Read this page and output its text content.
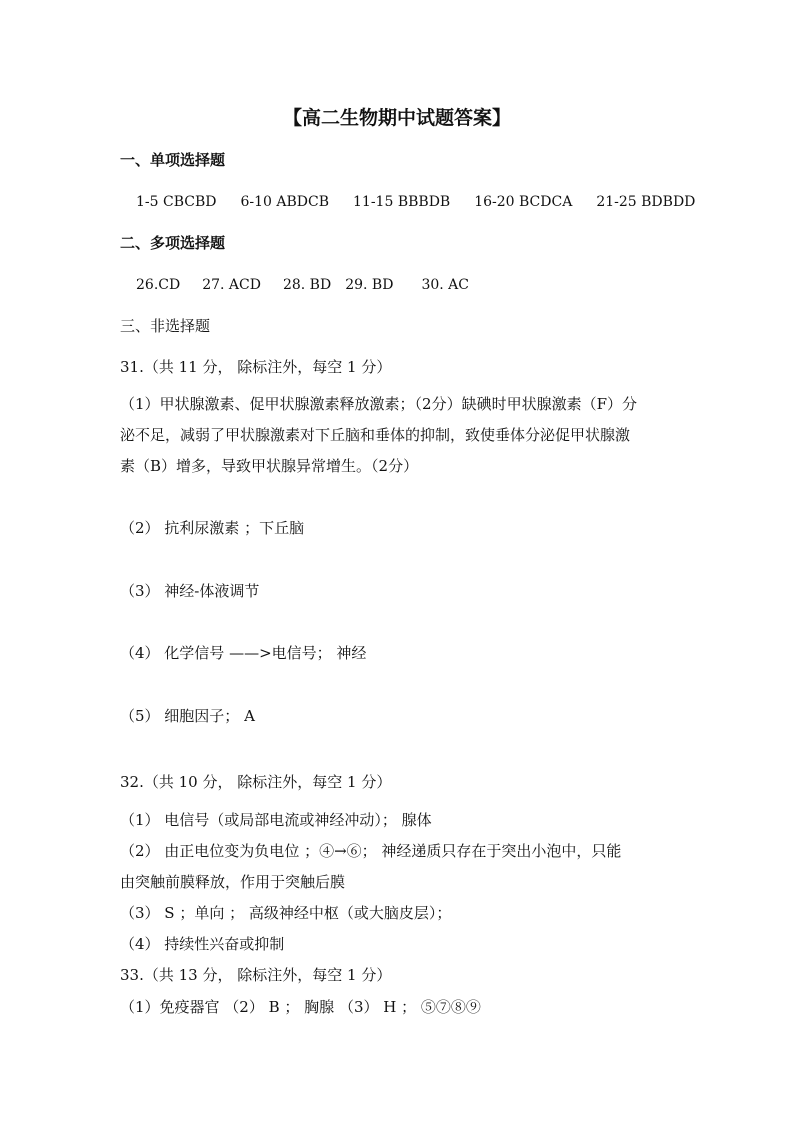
【高二生物期中试题答案】
一、单项选择题
1-5 CBCBD 6-10 ABDCB 11-15 BBBDB 16-20 BCDCA 21-25 BDBDD
二、多项选择题
26.CD 27. ACD 28. BD 29. BD 30. AC
三、非选择题
31.（共 11 分， 除标注外，每空 1 分）
（1）甲状腺激素、促甲状腺激素释放激素；（2分）缺碘时甲状腺激素（F）分
泌不足，减弱了甲状腺激素对下丘脑和垂体的抑制，致使垂体分泌促甲状腺激
素（B）增多，导致甲状腺异常增生。（2分）
（2） 抗利尿激素 ；下丘脑
（3） 神经-体液调节
（4） 化学信号 ——>电信号； 神经
（5） 细胞因子； A
32.（共 10 分， 除标注外，每空 1 分）
（1） 电信号（或局部电流或神经冲动）； 腺体
（2） 由正电位变为负电位 ；④→⑥； 神经递质只存在于突出小泡中，只能
由突触前膜释放，作用于突触后膜
（3） S ；单向 ； 高级神经中枢（或大脑皮层）；
（4） 持续性兴奋或抑制
33.（共 13 分， 除标注外，每空 1 分）
（1）免疫器官 （2） B ； 胸腺 （3） H ； ⑤⑦⑧⑨
